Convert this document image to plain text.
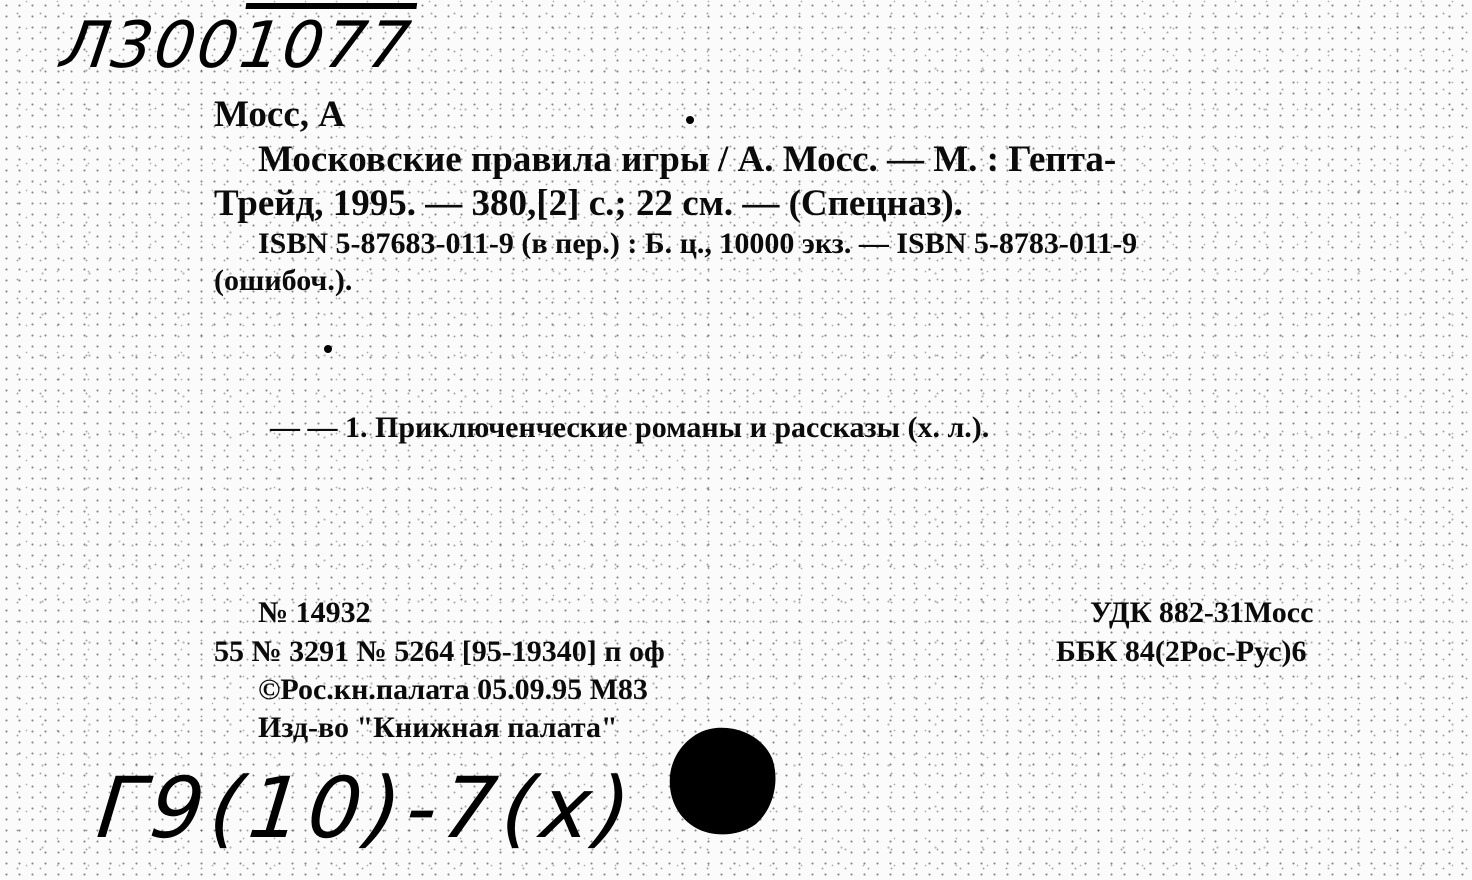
Л3001077
Мосс, А
Московские правила игры / А. Мосс. — М. : Гепта-
Трейд, 1995. — 380,[2] с.; 22 см. — (Спецназ).
ISBN 5-87683-011-9 (в пер.) : Б. ц., 10000 экз. — ISBN 5-8783-011-9
(ошибоч.).
— — 1. Приключенческие романы и рассказы (х. л.).
№ 14932
55 № 3291 № 5264 [95-19340] п оф
©Рос.кн.палата 05.09.95 М83
Изд-во "Книжная палата"
УДК 882-31Мосс
ББК 84(2Рос-Рус)6
Г9(10)-7(х)
